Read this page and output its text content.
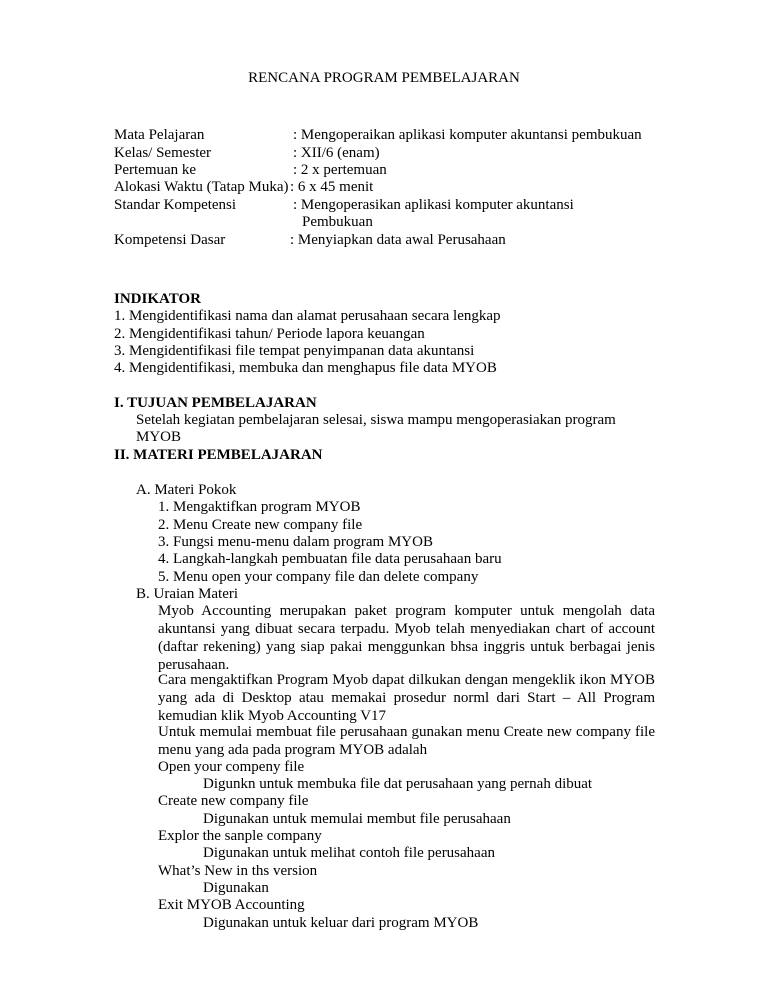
RENCANA PROGRAM PEMBELAJARAN
Mata Pelajaran	: Mengoperaikan aplikasi komputer akuntansi pembukuan
Kelas/ Semester	: XII/6 (enam)
Pertemuan ke	: 2 x pertemuan
Alokasi Waktu (Tatap Muka) : 6 x 45 menit
Standar Kompetensi	: Mengoperasikan aplikasi komputer akuntansi
Pembukuan
Kompetensi Dasar	: Menyiapkan data awal Perusahaan
INDIKATOR
1. Mengidentifikasi nama dan alamat perusahaan secara lengkap
2. Mengidentifikasi tahun/ Periode lapora keuangan
3. Mengidentifikasi file tempat penyimpanan data akuntansi
4. Mengidentifikasi, membuka dan menghapus file data MYOB
I. TUJUAN PEMBELAJARAN
Setelah kegiatan pembelajaran selesai, siswa mampu mengoperasiakan program
MYOB
II. MATERI PEMBELAJARAN
A. Materi Pokok
1. Mengaktifkan program MYOB
2. Menu Create new company file
3. Fungsi menu-menu dalam program MYOB
4. Langkah-langkah pembuatan file data perusahaan baru
5. Menu open your company file dan delete company
B. Uraian Materi
Myob Accounting merupakan paket program komputer untuk mengolah data akuntansi yang dibuat secara terpadu. Myob telah menyediakan chart of account (daftar rekening) yang siap pakai menggunkan bhsa inggris untuk berbagai jenis perusahaan.
Cara mengaktifkan Program Myob dapat dilkukan dengan mengeklik ikon MYOB yang ada di Desktop atau memakai prosedur norml dari Start – All Program kemudian klik Myob Accounting V17
Untuk memulai membuat file perusahaan gunakan menu Create new company file menu yang ada pada program MYOB adalah
Open your compeny file
Digunkn untuk membuka file dat perusahaan yang pernah dibuat
Create new company file
Digunakan untuk memulai membut file perusahaan
Explor the sanple company
Digunakan untuk melihat contoh file perusahaan
What’s New in ths version
Digunakan
Exit MYOB Accounting
Digunakan untuk keluar dari program MYOB
